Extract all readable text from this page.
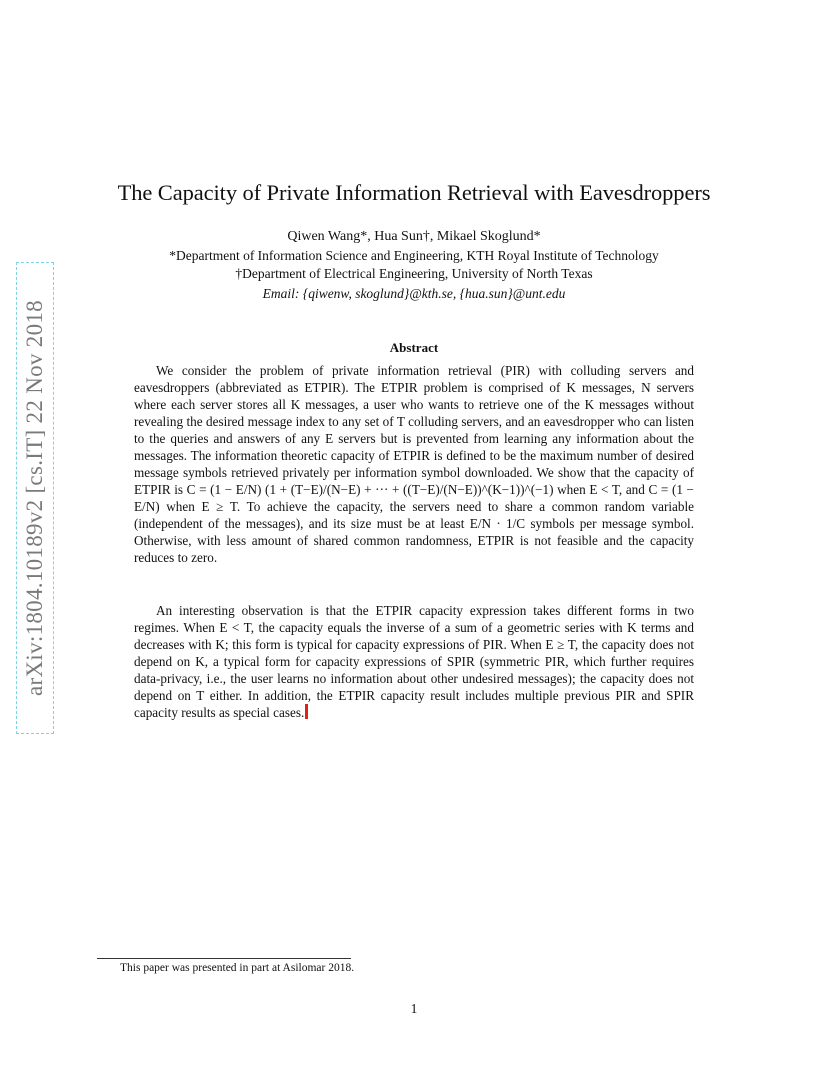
arXiv:1804.10189v2 [cs.IT] 22 Nov 2018
The Capacity of Private Information Retrieval with Eavesdroppers
Qiwen Wang*, Hua Sun†, Mikael Skoglund*
*Department of Information Science and Engineering, KTH Royal Institute of Technology
†Department of Electrical Engineering, University of North Texas
Email: {qiwenw, skoglund}@kth.se, {hua.sun}@unt.edu
Abstract

We consider the problem of private information retrieval (PIR) with colluding servers and eavesdroppers (abbreviated as ETPIR). The ETPIR problem is comprised of K messages, N servers where each server stores all K messages, a user who wants to retrieve one of the K messages without revealing the desired message index to any set of T colluding servers, and an eavesdropper who can listen to the queries and answers of any E servers but is prevented from learning any information about the messages. The information theoretic capacity of ETPIR is defined to be the maximum number of desired message symbols retrieved privately per information symbol downloaded. We show that the capacity of ETPIR is C = (1 − E/N) (1 + (T−E)/(N−E) + ··· + ((T−E)/(N−E))^(K−1))^(−1) when E < T, and C = (1 − E/N) when E ≥ T. To achieve the capacity, the servers need to share a common random variable (independent of the messages), and its size must be at least E/N · 1/C symbols per message symbol. Otherwise, with less amount of shared common randomness, ETPIR is not feasible and the capacity reduces to zero.

An interesting observation is that the ETPIR capacity expression takes different forms in two regimes. When E < T, the capacity equals the inverse of a sum of a geometric series with K terms and decreases with K; this form is typical for capacity expressions of PIR. When E ≥ T, the capacity does not depend on K, a typical form for capacity expressions of SPIR (symmetric PIR, which further requires data-privacy, i.e., the user learns no information about other undesired messages); the capacity does not depend on T either. In addition, the ETPIR capacity result includes multiple previous PIR and SPIR capacity results as special cases.

This paper was presented in part at Asilomar 2018.
1
